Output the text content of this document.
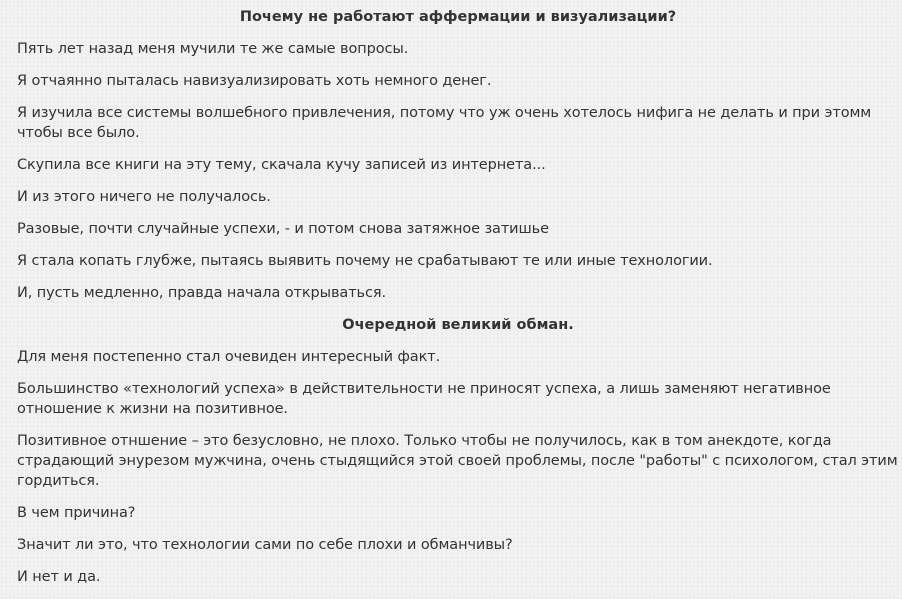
Почему не работают аффермации и визуализации?

Пять лет назад меня мучили те же самые вопросы.

Я отчаянно пыталась навизуализировать хоть немного денег.

Я изучила все системы волшебного привлечения, потому что уж очень хотелось нифига не делать и при этомм чтобы все было.

Скупила все книги на эту тему, скачала кучу записей из интернета...

И из этого ничего не получалось.

Разовые, почти случайные успехи, - и потом снова затяжное затишье

Я стала копать глубже, пытаясь выявить почему не срабатывают те или иные технологии.

И, пусть медленно, правда начала открываться.

Очередной великий обман.

Для меня постепенно стал очевиден интересный факт.

Большинство «технологий успеха» в действительности не приносят успеха, а лишь заменяют негативное отношение к жизни на позитивное.

Позитивное отншение – это безусловно, не плохо. Только чтобы не получилось, как в том анекдоте, когда страдающий энурезом мужчина, очень стыдящийся этой своей проблемы, после "работы" с психологом, стал этим гордиться.

В чем причина?

Значит ли это, что технологии сами по себе плохи и обманчивы?

И нет и да.
